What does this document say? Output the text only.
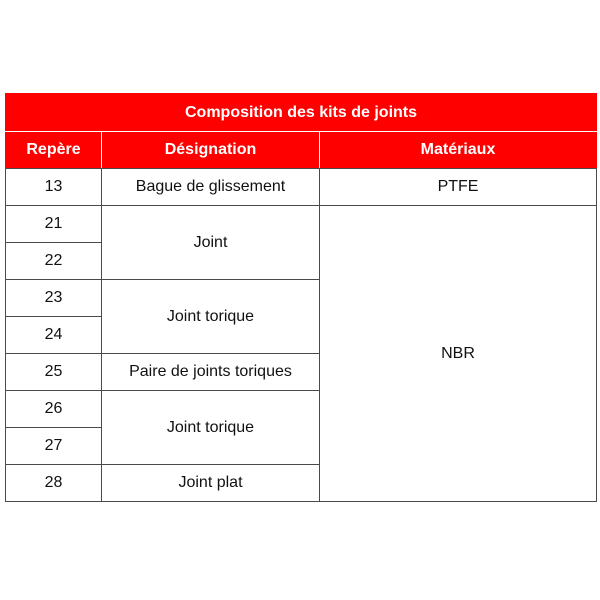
Composition des kits de joints		
Repère	Désignation	Matériaux
13	Bague de glissement	PTFE
21	Joint	NBR
22		
23	Joint torique	
24		
25	Paire de joints toriques	
26	Joint torique	
27		
28	Joint plat	
